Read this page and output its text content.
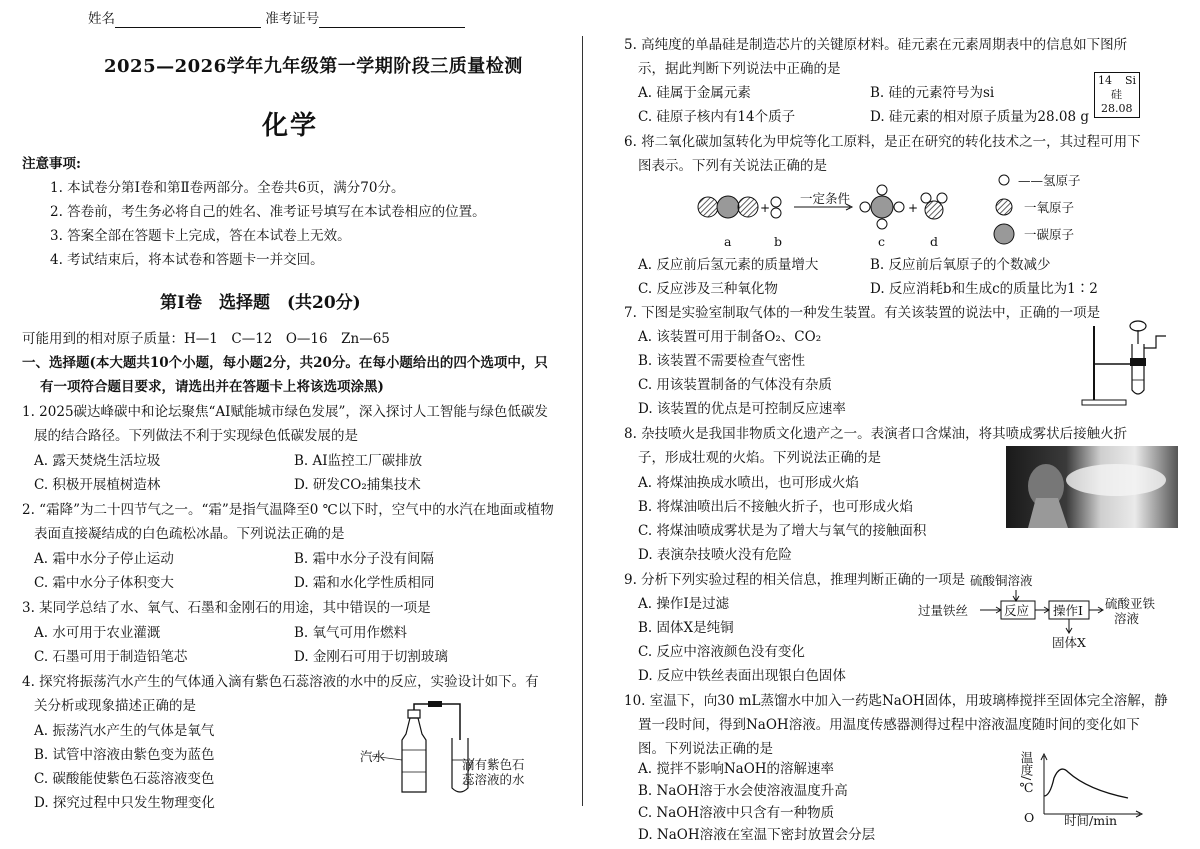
姓名	准考证号
2025—2026学年九年级第一学期阶段三质量检测
化学
注意事项:
1. 本试卷分第Ⅰ卷和第Ⅱ卷两部分。全卷共6页，满分70分。
2. 答卷前，考生务必将自己的姓名、准考证号填写在本试卷相应的位置。
3. 答案全部在答题卡上完成，答在本试卷上无效。
4. 考试结束后，将本试卷和答题卡一并交回。
第Ⅰ卷　选择题　(共20分)
可能用到的相对原子质量：H—1　C—12　O—16　Zn—65
一、选择题(本大题共10个小题，每小题2分，共20分。在每小题给出的四个选项中，只
有一项符合题目要求，请选出并在答题卡上将该选项涂黑)
1. 2025碳达峰碳中和论坛聚焦“AI赋能城市绿色发展”，深入探讨人工智能与绿色低碳发
展的结合路径。下列做法不利于实现绿色低碳发展的是
A. 露天焚烧生活垃圾	B. AI监控工厂碳排放
C. 积极开展植树造林	D. 研发CO₂捕集技术
2. “霜降”为二十四节气之一。“霜”是指气温降至0 ℃以下时，空气中的水汽在地面或植物
表面直接凝结成的白色疏松冰晶。下列说法正确的是
A. 霜中水分子停止运动	B. 霜中水分子没有间隔
C. 霜中水分子体积变大	D. 霜和水化学性质相同
3. 某同学总结了水、氧气、石墨和金刚石的用途，其中错误的一项是
A. 水可用于农业灌溉	B. 氧气可用作燃料
C. 石墨可用于制造铅笔芯	D. 金刚石可用于切割玻璃
4. 探究将振荡汽水产生的气体通入滴有紫色石蕊溶液的水中的反应，实验设计如下。有
关分析或现象描述正确的是
A. 振荡汽水产生的气体是氧气
B. 试管中溶液由紫色变为蓝色
C. 碳酸能使紫色石蕊溶液变色
D. 探究过程中只发生物理变化
汽水
滴有紫色石
蕊溶液的水
5. 高纯度的单晶硅是制造芯片的关键原材料。硅元素在元素周期表中的信息如下图所
示，据此判断下列说法中正确的是
A. 硅属于金属元素	B. 硅的元素符号为si
C. 硅原子核内有14个质子	D. 硅元素的相对原子质量为28.08 g
14 Si
硅
28.08
6. 将二氧化碳加氢转化为甲烷等化工原料，是正在研究的转化技术之一，其过程可用下
图表示。下列有关说法正确的是
+	+
一定条件
a	b	c	d
——氢原子
一氧原子
一碳原子
A. 反应前后氢元素的质量增大	B. 反应前后氧原子的个数减少
C. 反应涉及三种氧化物	D. 反应消耗b和生成c的质量比为1∶2
7. 下图是实验室制取气体的一种发生装置。有关该装置的说法中，正确的一项是
A. 该装置可用于制备O₂、CO₂
B. 该装置不需要检查气密性
C. 用该装置制备的气体没有杂质
D. 该装置的优点是可控制反应速率
8. 杂技喷火是我国非物质文化遗产之一。表演者口含煤油，将其喷成雾状后接触火折
子，形成壮观的火焰。下列说法正确的是
A. 将煤油换成水喷出，也可形成火焰
B. 将煤油喷出后不接触火折子，也可形成火焰
C. 将煤油喷成雾状是为了增大与氧气的接触面积
D. 表演杂技喷火没有危险
9. 分析下列实验过程的相关信息，推理判断正确的一项是
A. 操作Ⅰ是过滤
B. 固体X是纯铜
C. 反应中溶液颜色没有变化
D. 反应中铁丝表面出现银白色固体
硫酸铜溶液
过量铁丝	反应 操作Ⅰ 硫酸亚铁
溶液
固体X
10. 室温下，向30 mL蒸馏水中加入一药匙NaOH固体，用玻璃棒搅拌至固体完全溶解，静
置一段时间，得到NaOH溶液。用温度传感器测得过程中溶液温度随时间的变化如下
图。下列说法正确的是
A. 搅拌不影响NaOH的溶解速率
B. NaOH溶于水会使溶液温度升高
C. NaOH溶液中只含有一种物质
D. NaOH溶液在室温下密封放置会分层
温度/℃
O 时间/min
